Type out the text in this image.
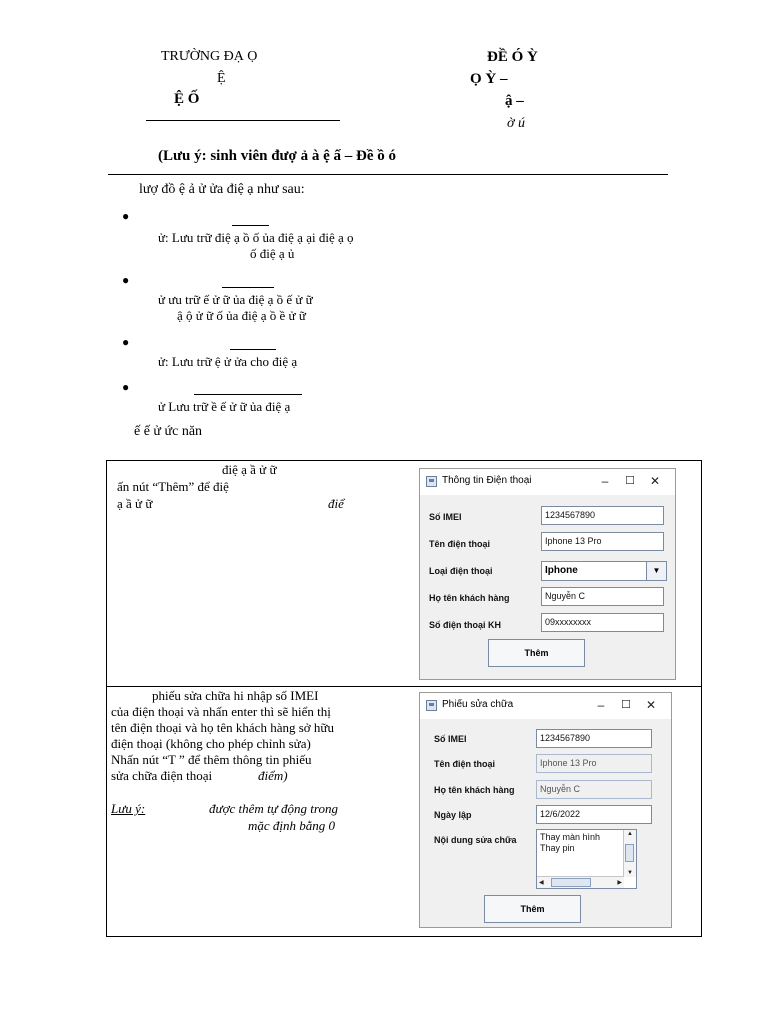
TRƯỜNG ĐẠ Ọ
Ệ
Ệ Ố
ĐỀ Ó Ỳ
Ọ Ỳ –
ậ –
ờ ú
(Lưu ý: sinh viên đượ ả à ệ ấ – Đề ồ ó
lượ đồ ệ ả ử ửa điệ ạ như sau:
●
ử: Lưu trữ điệ ạ ồ ố ủa điệ ạ ại điệ ạ ọ
ố điệ ạ ủ
●
ử ưu trữ ế ử ữ ủa điệ ạ ồ ế ử ữ
ậ ộ ử ữ ố ủa điệ ạ ồ ề ử ữ
●
ử: Lưu trữ ệ ử ửa cho điệ ạ
●
ử Lưu trữ ề ế ử ữ ủa điệ ạ
ế ế ử ức năn
điệ ạ ầ ử ữ
ấn nút “Thêm” để điệ
ạ ầ ử ữ	điể
phiếu sửa chữa hi nhập số IMEI
của điện thoại và nhấn enter thì sẽ hiển thị
tên điện thoại và họ tên khách hàng sở hữu
điện thoại (không cho phép chỉnh sửa)
Nhấn nút “T ” để thêm thông tin phiếu
sửa chữa điện thoại	điểm)
Lưu ý:	được thêm tự động trong
mặc định bằng 0
Thông tin Điện thoại	–	☐	✕
Số IMEI	1234567890
Tên điện thoại	Iphone 13 Pro
Loại điện thoại	Iphone	▼
Họ tên khách hàng	Nguyễn C
Số điện thoại KH	09xxxxxxxx
Thêm
Phiếu sửa chữa	–	☐	✕
Số IMEI	1234567890
Tên điện thoại	Iphone 13 Pro
Họ tên khách hàng	Nguyễn C
Ngày lập	12/6/2022
Nội dung sửa chữa	Thay màn hình
Thay pin
▲
▼
◀	▶
Thêm
